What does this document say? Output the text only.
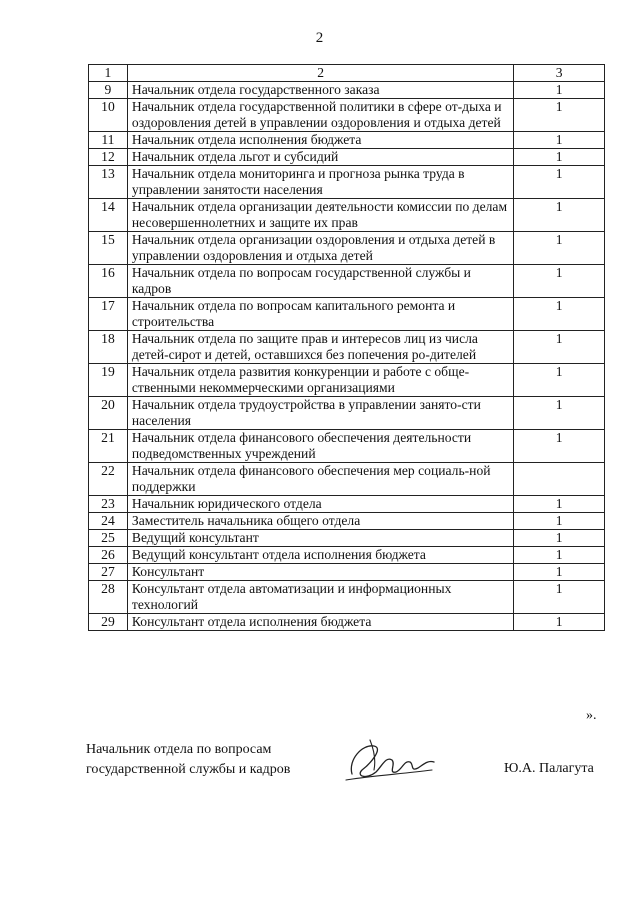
2
1	2	3
9	Начальник отдела государственного заказа	1
10	Начальник отдела государственной политики в сфере от-дыха и оздоровления детей в управлении оздоровления и отдыха детей	1
11	Начальник отдела исполнения бюджета	1
12	Начальник отдела льгот и субсидий	1
13	Начальник отдела мониторинга и прогноза рынка труда в управлении занятости населения	1
14	Начальник отдела организации деятельности комиссии по делам несовершеннолетних и защите их прав	1
15	Начальник отдела организации оздоровления и отдыха детей в управлении оздоровления и отдыха детей	1
16	Начальник отдела по вопросам государственной службы и кадров	1
17	Начальник отдела по вопросам капитального ремонта и строительства	1
18	Начальник отдела по защите прав и интересов лиц из числа детей-сирот и детей, оставшихся без попечения ро-дителей	1
19	Начальник отдела развития конкуренции и работе с обще-ственными некоммерческими организациями	1
20	Начальник отдела трудоустройства в управлении занято-сти населения	1
21	Начальник отдела финансового обеспечения деятельности подведомственных учреждений	1
22	Начальник отдела финансового обеспечения мер социаль-ной поддержки	
23	Начальник юридического отдела	1
24	Заместитель начальника общего отдела	1
25	Ведущий консультант	1
26	Ведущий консультант отдела исполнения бюджета	1
27	Консультант	1
28	Консультант отдела автоматизации и информационных технологий	1
29	Консультант отдела исполнения бюджета	1
».
Начальник отдела по вопросам
государственной службы и кадров	Ю.А. Палагута
